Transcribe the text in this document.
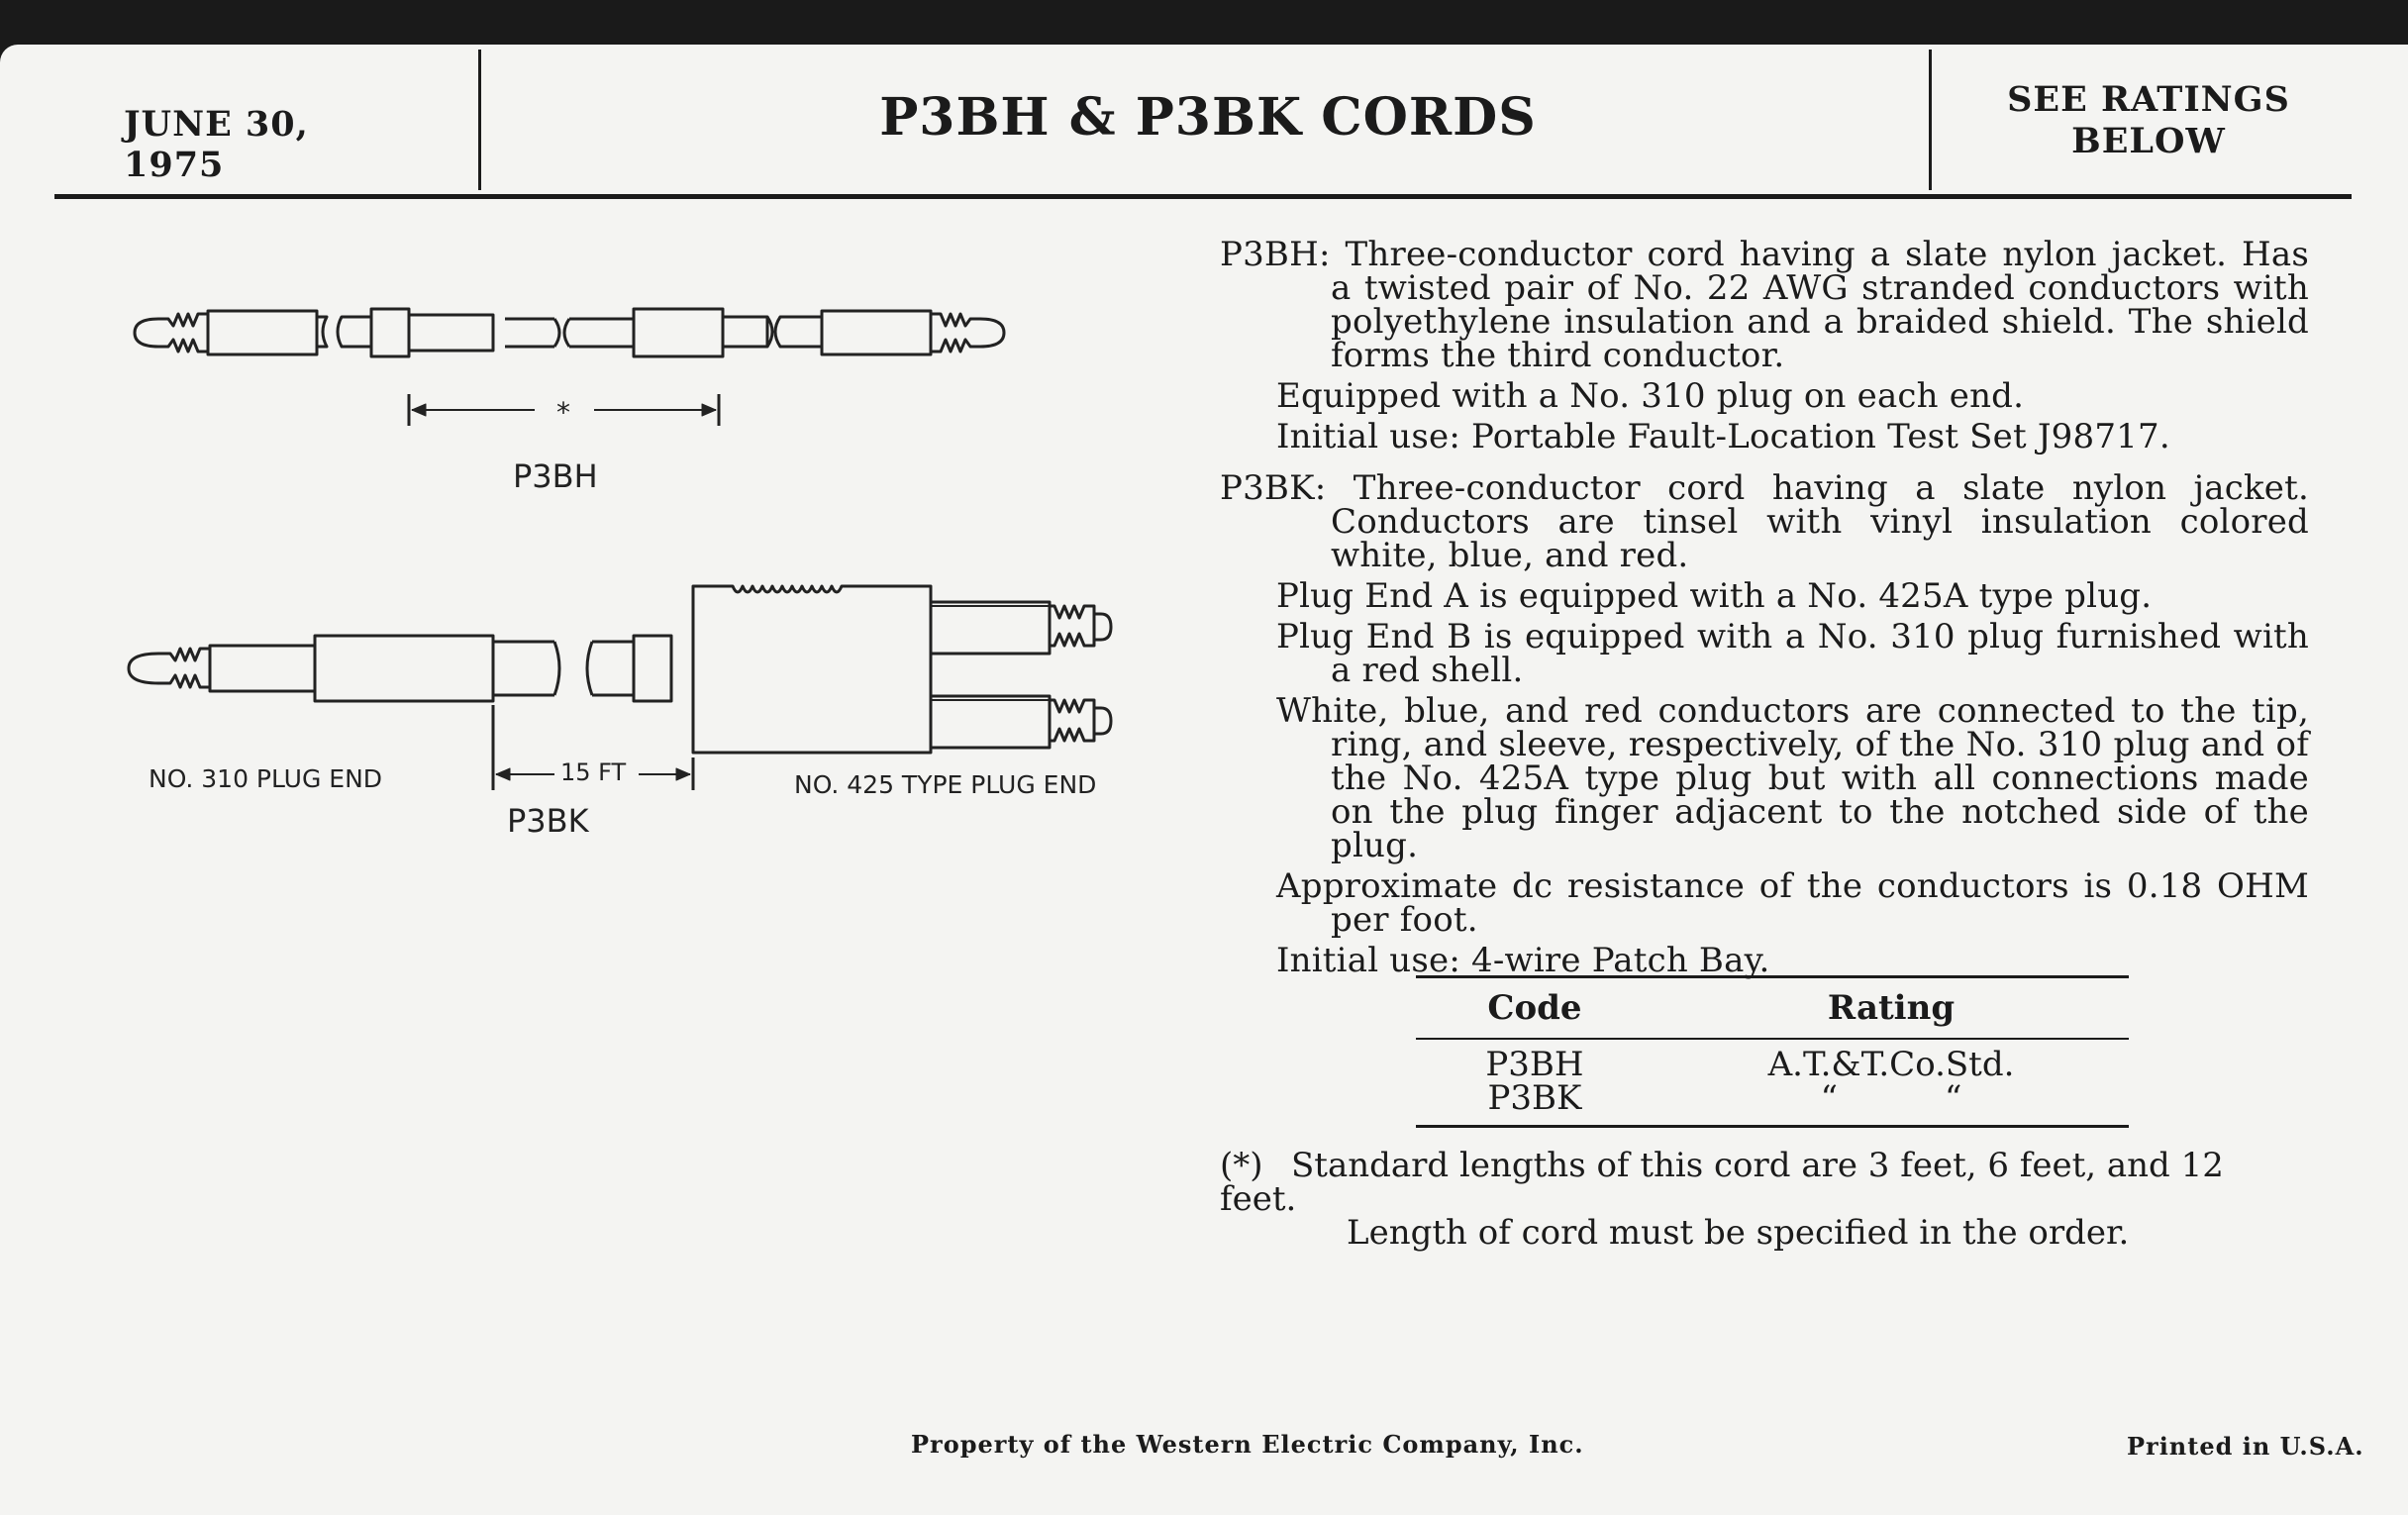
JUNE 30, 1975
P3BH & P3BK CORDS	SEE RATINGS
BELOW
*
P3BH
NO. 310 PLUG END	15 FT
P3BK
NO. 425 TYPE PLUG END

P3BH: Three-conductor cord having a slate nylon jacket. Has a twisted pair of No. 22 AWG stranded conductors with polyethylene insulation and a braided shield. The shield forms the third conductor.

Equipped with a No. 310 plug on each end.

Initial use: Portable Fault-Location Test Set J98717.

P3BK: Three-conductor cord having a slate nylon jacket. Conductors are tinsel with vinyl insulation colored white, blue, and red.

Plug End A is equipped with a No. 425A type plug.

Plug End B is equipped with a No. 310 plug furnished with a red shell.

White, blue, and red conductors are connected to the tip, ring, and sleeve, respectively, of the No. 310 plug and of the No. 425A type plug but with all connections made on the plug finger adjacent to the notched side of the plug.

Approximate dc resistance of the conductors is 0.18 OHM per foot.

Initial use: 4-wire Patch Bay.

Code	Rating
P3BH	A.T.&T.Co.Std.
P3BK	“          “
(*) Standard lengths of this cord are 3 feet, 6 feet, and 12 feet.
Length of cord must be specified in the order.
Property of the Western Electric Company, Inc.	Printed in U.S.A.
